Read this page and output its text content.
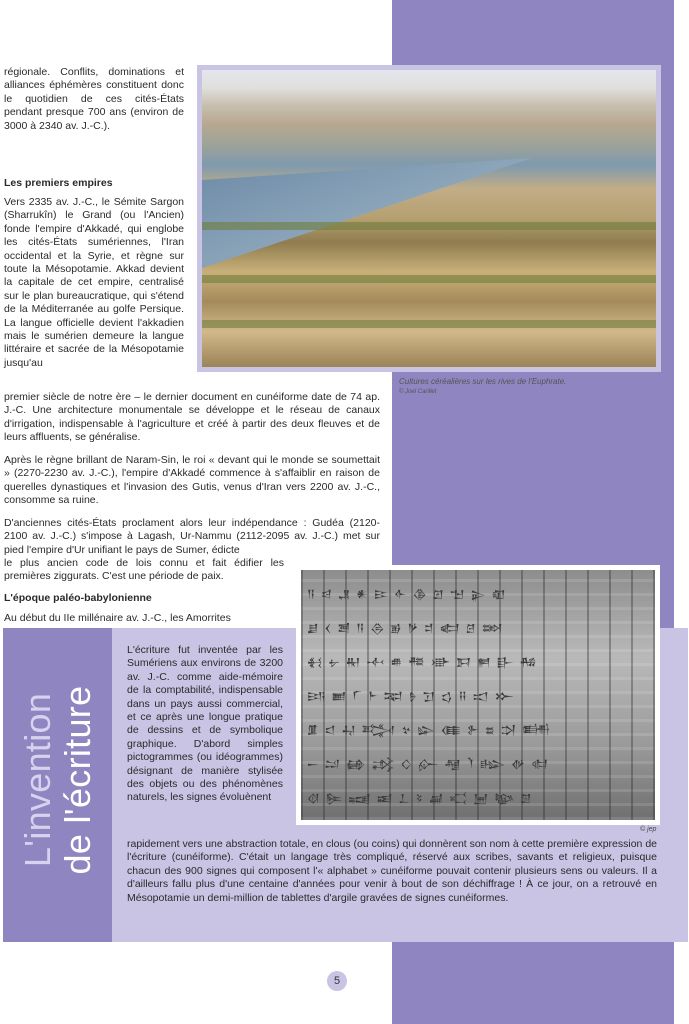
Cultures céréalières sur les rives de l'Euphrate.
© Joel Carillet

régionale. Conflits, dominations et alliances éphémères constituent donc le quotidien de ces cités-États pendant presque 700 ans (environ de 3000 à 2340 av. J.-C.).

Les premiers empires

Vers 2335 av. J.-C., le Sémite Sargon (Sharrukîn) le Grand (ou l'Ancien) fonde l'empire d'Akkadé, qui englobe les cités-États sumériennes, l'Iran occidental et la Syrie, et règne sur toute la Mésopotamie. Akkad devient la capitale de cet empire, centralisé sur le plan bureaucratique, qui s'étend de la Méditerranée au golfe Persique. La langue officielle devient l'akkadien mais le sumérien demeure la langue littéraire et sacrée de la Mésopotamie jusqu'au

premier siècle de notre ère – le dernier document en cunéiforme date de 74 ap. J.-C. Une architecture monumentale se développe et le réseau de canaux d'irrigation, indispensable à l'agriculture et créé à partir des deux fleuves et de leurs affluents, se généralise.

Après le règne brillant de Naram-Sin, le roi « devant qui le monde se soumettait » (2270-2230 av. J.-C.), l'empire d'Akkadé commence à s'affaiblir en raison de querelles dynastiques et l'invasion des Gutis, venus d'Iran vers 2200 av. J.-C., consomme sa ruine.

D'anciennes cités-États proclament alors leur indépendance : Gudéa (2120-2100 av. J.-C.) s'impose à Lagash, Ur-Nammu (2112-2095 av. J.-C.) met sur pied l'empire d'Ur unifiant le pays de Sumer, édicte

le plus ancien code de lois connu et fait édifier les premières ziggurats. C'est une période de paix.

L'époque paléo-babylonienne

Au début du IIe millénaire av. J.-C., les Amorrites

L'invention de l'écriture

L'écriture fut inventée par les Sumériens aux environs de 3200 av. J.-C. comme aide-mémoire de la comptabilité, indispensable dans un pays aussi commercial, et ce après une longue pratique de dessins et de symbolique graphique. D'abord simples pictogrammes (ou idéogrammes) désignant de manière stylisée des objets ou des phénomènes naturels, les signes évoluènent

rapidement vers une abstraction totale, en clous (ou coins) qui donnèrent son nom à cette première expression de l'écriture (cunéiforme). C'était un langage très compliqué, réservé aux scribes, savants et religieux, puisque chacun des 900 signes qui composent l'« alphabet » cunéiforme pouvait contenir plusieurs sens ou valeurs. Il a d'ailleurs fallu plus d'une centaine d'années pour venir à bout de son déchiffrage ! À ce jour, on a retrouvé en Mésopotamie un demi-million de tablettes d'argile gravées de signes cunéiformes.

𒀀𒁀𒂗𒀭𒄿𒅆𒆠𒇻𒈠𒉌𒊏
𒋗𒌋𒍪𒀀𒁲𒂊𒃻𒄑𒅗𒆪𒇷
𒈬𒉡𒊑𒋾𒌑𒍣𒀝𒁕𒂍𒃲𒄀
𒅀𒆤𒇲𒈨𒉈𒊩𒋛𒌓𒍝𒀊𒁍
𒂠𒃰𒄷𒅋𒆳𒇽𒈪𒉿𒊺𒋫𒌦
𒀸𒁺𒂵𒃶𒄭𒅎𒆷𒇺𒈗𒉻𒊕
𒋼𒌉𒍢𒀜𒁇𒂟𒃷𒄣𒅁𒆧𒇇
© jep
5
